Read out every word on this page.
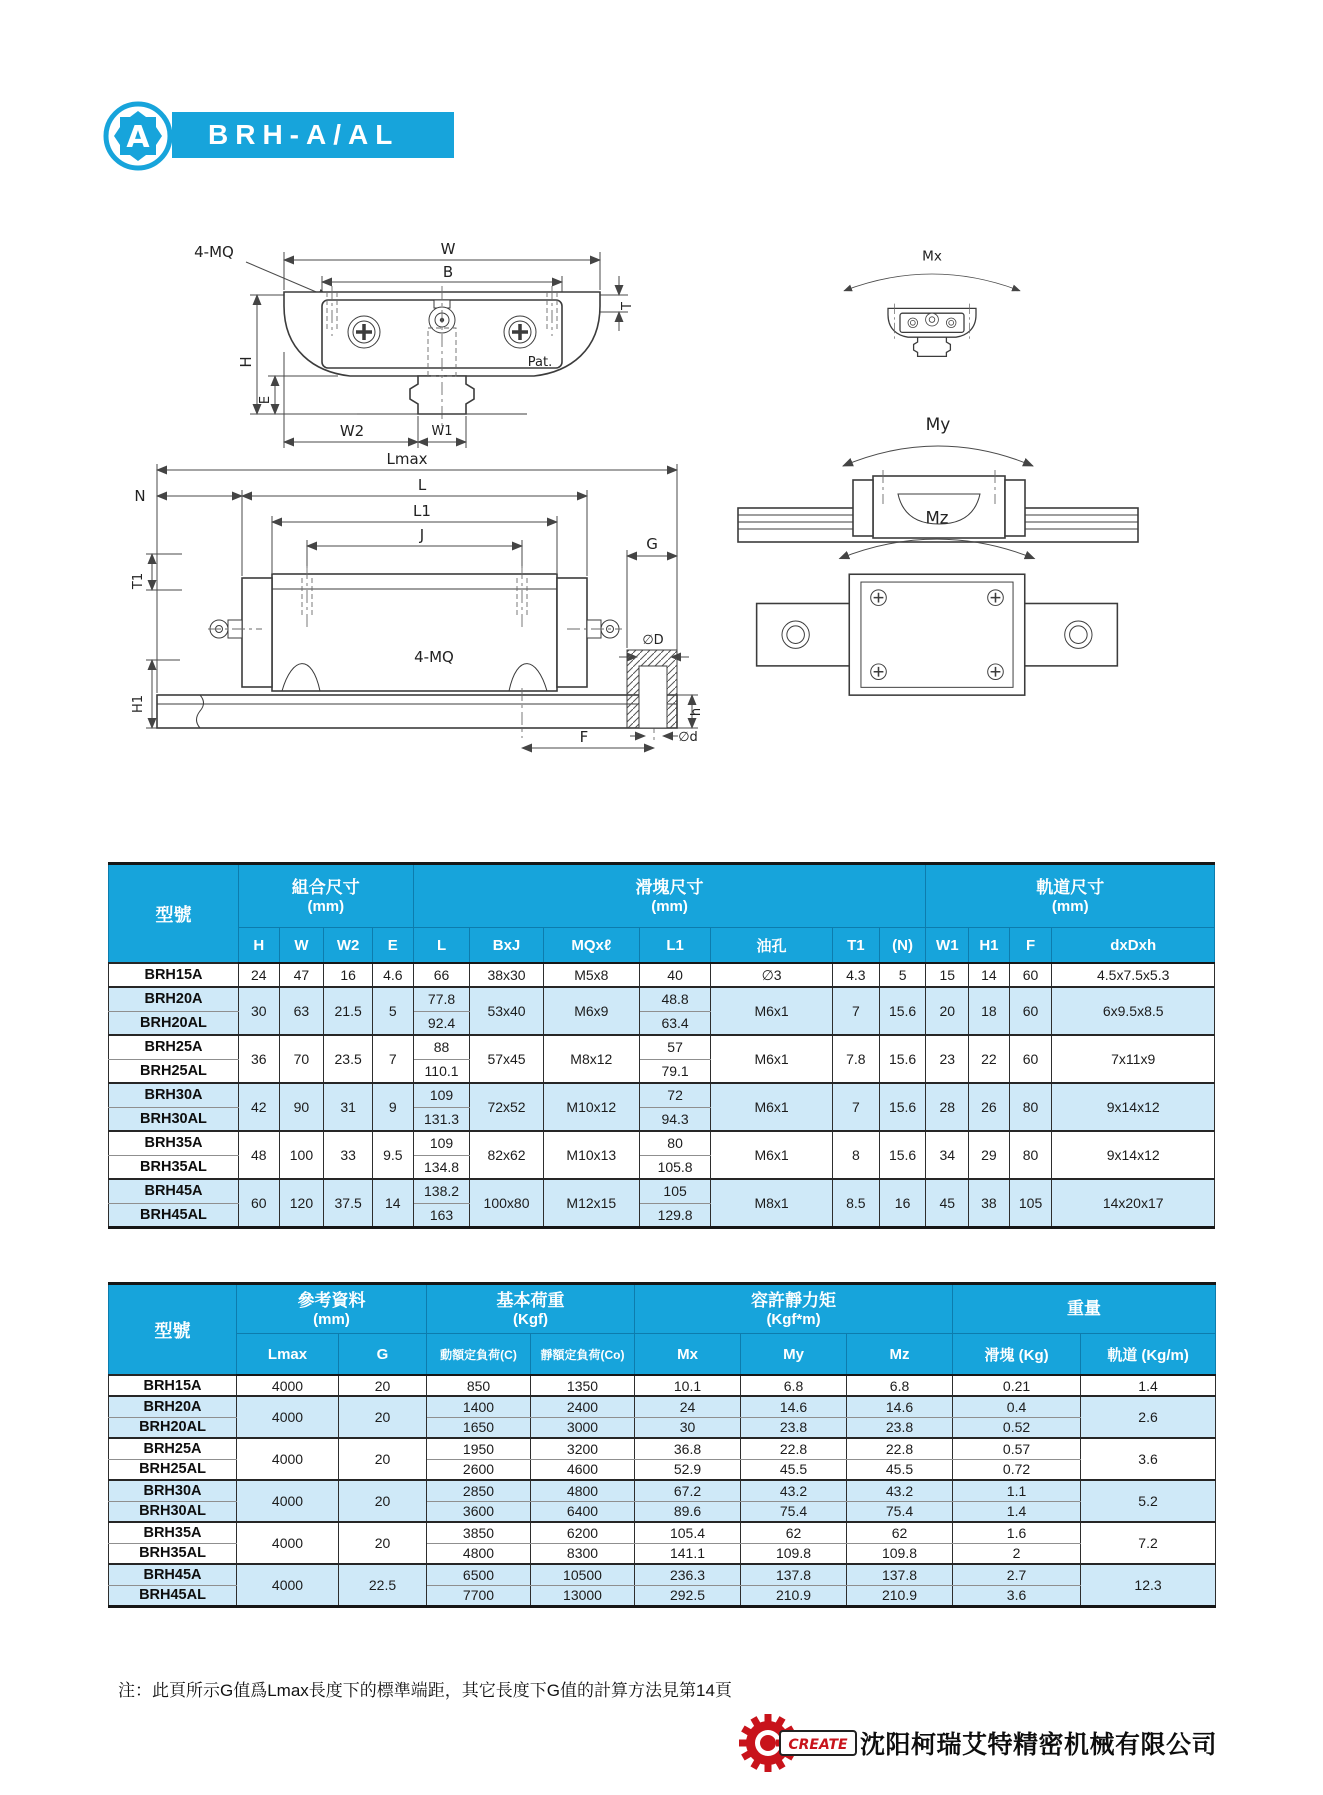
A	BRH-A/AL
4-MQ	W
B
H
E
T
Pat.
W2	W1
Lmax
N
L
L1
J
T1
H1
G
∅D
4-MQ
h
F	∅d
Mx
My
Mz
型號	
組合尺寸
(mm)

滑塊尺寸
(mm)

軌道尺寸
(mm)

	H	W	W2	E	L	BxJ	MQxℓ	L1	油孔	T1	(N)	W1	H1	F	dxDxh
BRH15A	24	47	16	4.6	66	38x30	M5x8	40	∅3	4.3	5	15	14	60	4.5x7.5x5.3
BRH20A	30	63	21.5	5	77.8	53x40	M6x9	48.8	M6x1	7	15.6	20	18	60	6x9.5x8.5
BRH20AL					92.4			63.4							
BRH25A	36	70	23.5	7	88	57x45	M8x12	57	M6x1	7.8	15.6	23	22	60	7x11x9
BRH25AL					110.1			79.1							
BRH30A	42	90	31	9	109	72x52	M10x12	72	M6x1	7	15.6	28	26	80	9x14x12
BRH30AL					131.3			94.3							
BRH35A	48	100	33	9.5	109	82x62	M10x13	80	M6x1	8	15.6	34	29	80	9x14x12
BRH35AL					134.8			105.8							
BRH45A	60	120	37.5	14	138.2	100x80	M12x15	105	M8x1	8.5	16	45	38	105	14x20x17
BRH45AL					163			129.8							
型號	
參考資料
(mm)

基本荷重
(Kgf)

容許靜力矩
(Kgf*m)

重量

	Lmax	G	動額定負荷(C)	靜額定負荷(Co)	Mx	My	Mz	滑塊 (Kg)	軌道 (Kg/m)
BRH15A	4000	20	850	1350	10.1	6.8	6.8	0.21	1.4
BRH20A	4000	20	1400	2400	24	14.6	14.6	0.4	2.6
BRH20AL			1650	3000	30	23.8	23.8	0.52	
BRH25A	4000	20	1950	3200	36.8	22.8	22.8	0.57	3.6
BRH25AL			2600	4600	52.9	45.5	45.5	0.72	
BRH30A	4000	20	2850	4800	67.2	43.2	43.2	1.1	5.2
BRH30AL			3600	6400	89.6	75.4	75.4	1.4	
BRH35A	4000	20	3850	6200	105.4	62	62	1.6	7.2
BRH35AL			4800	8300	141.1	109.8	109.8	2	
BRH45A	4000	22.5	6500	10500	236.3	137.8	137.8	2.7	12.3
BRH45AL			7700	13000	292.5	210.9	210.9	3.6	
注：此頁所示G值爲Lmax長度下的標準端距，其它長度下G值的計算方法見第14頁
CREATE 沈阳柯瑞艾特精密机械有限公司
